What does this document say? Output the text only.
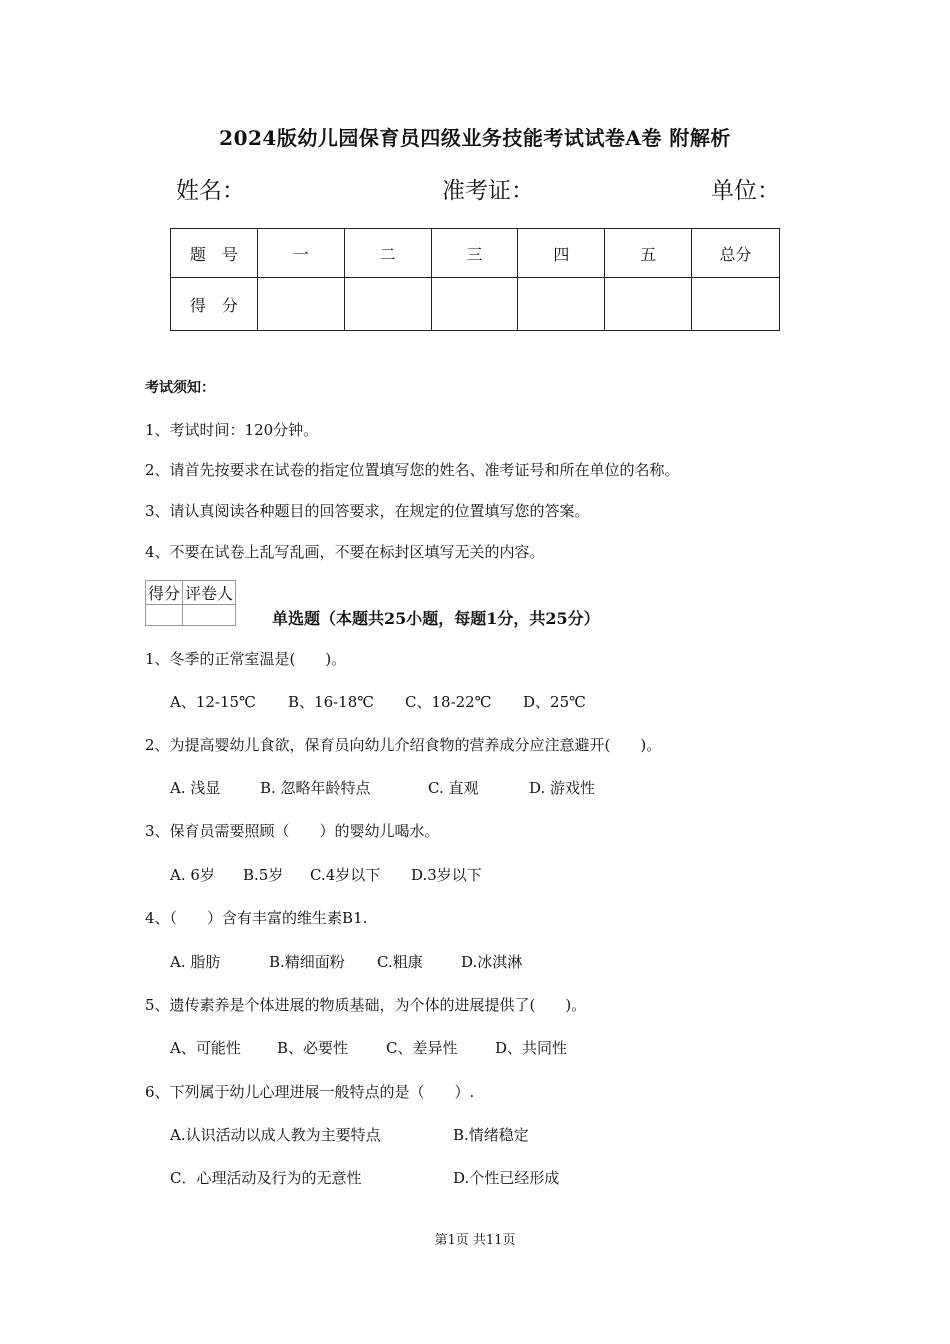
2024版幼儿园保育员四级业务技能考试试卷A卷 附解析
姓名：	准考证：	单位：
题　号	一	二	三	四	五	总分
得　分						
考试须知：
1、考试时间：120分钟。
2、请首先按要求在试卷的指定位置填写您的姓名、准考证号和所在单位的名称。
3、请认真阅读各种题目的回答要求，在规定的位置填写您的答案。
4、不要在试卷上乱写乱画，不要在标封区填写无关的内容。
得分	评卷人

单选题（本题共25小题，每题1分，共25分）
1、冬季的正常室温是(　　)。
A、12-15℃ B、16-18℃ C、18-22℃ D、25℃
2、为提高婴幼儿食欲，保育员向幼儿介绍食物的营养成分应注意避开(　　)。
A. 浅显	B. 忽略年龄特点	C. 直观	D. 游戏性
3、保育员需要照顾（　　）的婴幼儿喝水。
A. 6岁 B.5岁 C.4岁以下 D.3岁以下
4、（　　）含有丰富的维生素B1.
A. 脂肪	B.精细面粉 C.粗康	D.冰淇淋
5、遗传素养是个体进展的物质基础，为个体的进展提供了(　　)。
A、可能性 B、必要性	C、差异性	D、共同性
6、下列属于幼儿心理进展一般特点的是（　　）.
A.认识活动以成人教为主要特点	B.情绪稳定
C．心理活动及行为的无意性	D.个性已经形成
第1页 共11页
